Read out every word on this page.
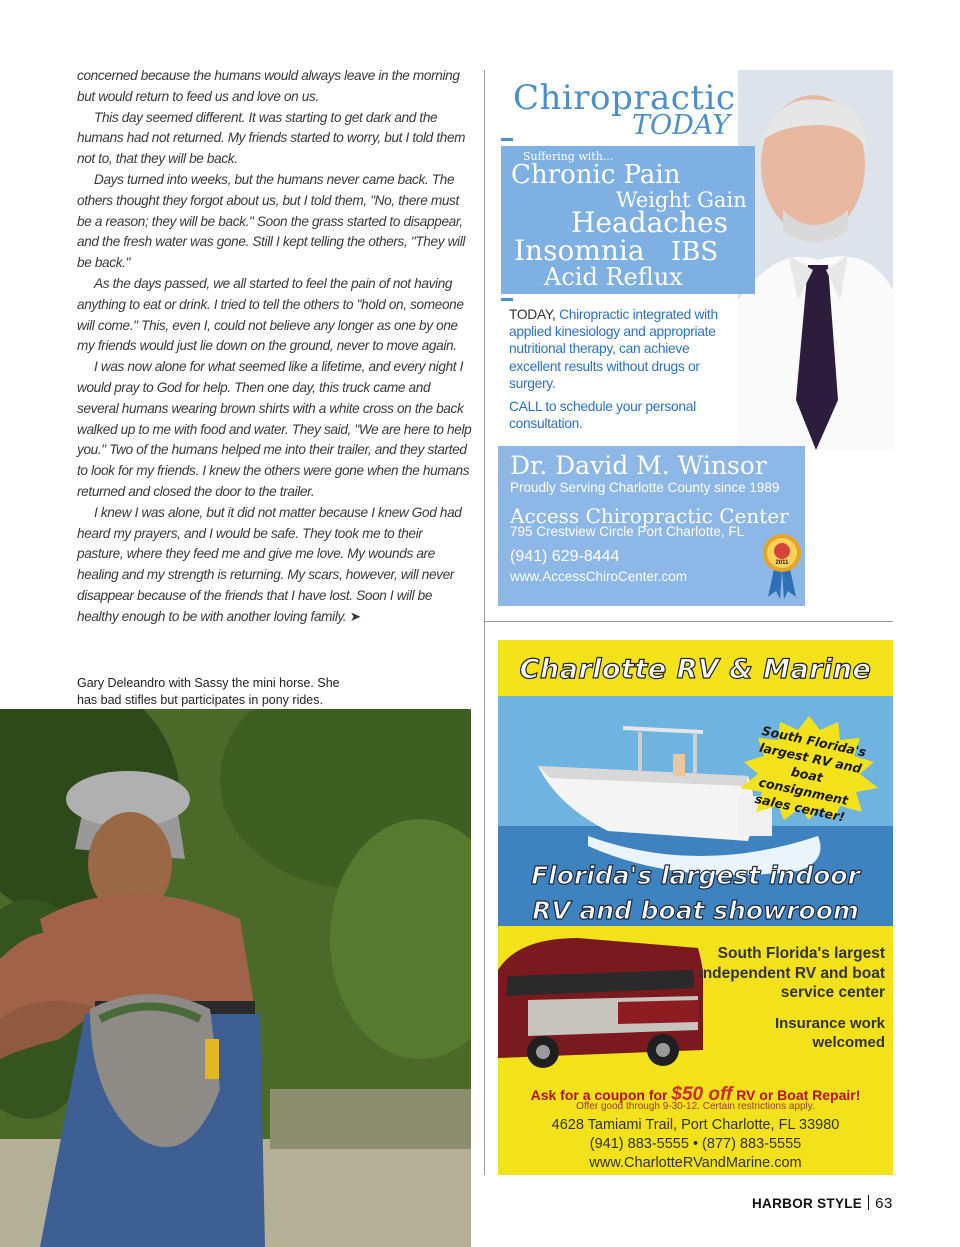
concerned because the humans would always leave in the morning but would return to feed us and love on us.

This day seemed different. It was starting to get dark and the humans had not returned. My friends started to worry, but I told them not to, that they will be back.

Days turned into weeks, but the humans never came back. The others thought they forgot about us, but I told them, "No, there must be a reason; they will be back." Soon the grass started to disappear, and the fresh water was gone. Still I kept telling the others, "They will be back."

As the days passed, we all started to feel the pain of not having anything to eat or drink. I tried to tell the others to "hold on, someone will come." This, even I, could not believe any longer as one by one my friends would just lie down on the ground, never to move again.

I was now alone for what seemed like a lifetime, and every night I would pray to God for help. Then one day, this truck came and several humans wearing brown shirts with a white cross on the back walked up to me with food and water. They said, "We are here to help you." Two of the humans helped me into their trailer, and they started to look for my friends. I knew the others were gone when the humans returned and closed the door to the trailer.

I knew I was alone, but it did not matter because I knew God had heard my prayers, and I would be safe. They took me to their pasture, where they feed me and give me love. My wounds are healing and my strength is returning. My scars, however, will never disappear because of the friends that I have lost. Soon I will be healthy enough to be with another loving family. ➤

Gary Deleandro with Sassy the mini horse. She has bad stifles but participates in pony rides.
Chiropractic
TODAY
Suffering with...
Chronic Pain
Weight Gain
Headaches
Insomnia IBS
Acid Reflux

TODAY, Chiropractic integrated with applied kinesiology and appropriate nutritional therapy, can achieve excellent results without drugs or surgery.

CALL to schedule your personal consultation.

Dr. David M. Winsor
Proudly Serving Charlotte County since 1989
Access Chiropractic Center
795 Crestview Circle Port Charlotte, FL
(941) 629-8444
www.AccessChiroCenter.com
2011
Charlotte RV & Marine
South Florida's largest RV and boat consignment sales center!
Florida's largest indoor
RV and boat showroom
South Florida's largest independent RV and boat service center
Insurance work welcomed
Ask for a coupon for $50 off RV or Boat Repair!
Offer good through 9-30-12. Certain restrictions apply.
4628 Tamiami Trail, Port Charlotte, FL 33980
(941) 883-5555 • (877) 883-5555
www.CharlotteRVandMarine.com
HARBOR STYLE 63
